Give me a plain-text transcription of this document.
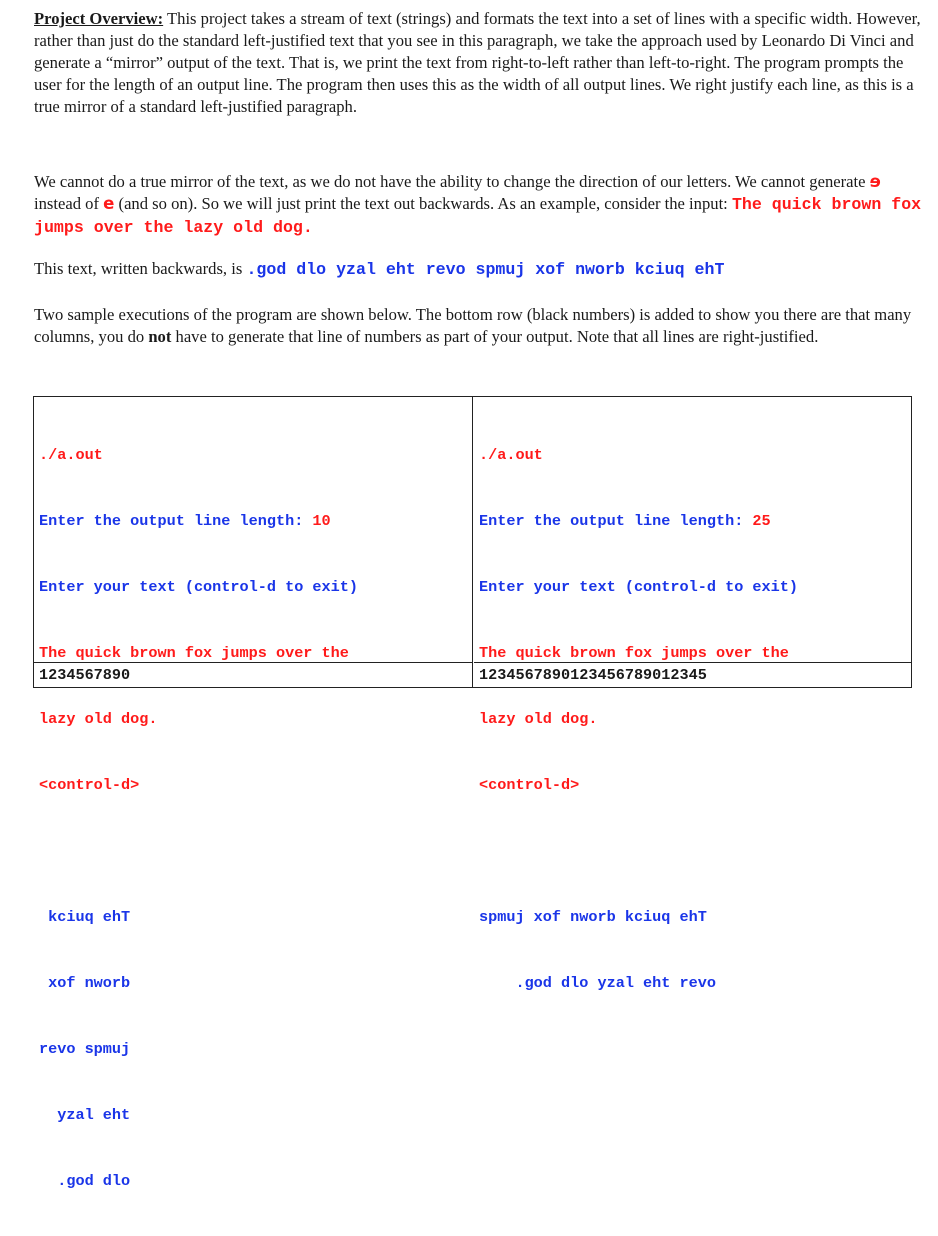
Project Overview: This project takes a stream of text (strings) and formats the text into a set of lines with a specific width. However, rather than just do the standard left-justified text that you see in this paragraph, we take the approach used by Leonardo Di Vinci and generate a “mirror” output of the text. That is, we print the text from right-to-left rather than left-to-right. The program prompts the user for the length of an output line. The program then uses this as the width of all output lines. We right justify each line, as this is a true mirror of a standard left-justified paragraph.

We cannot do a true mirror of the text, as we do not have the ability to change the direction of our letters. We cannot generate ɘ instead of e (and so on). So we will just print the text out backwards. As an example, consider the input: The quick brown fox jumps over the lazy old dog.

This text, written backwards, is .god dlo yzal eht revo spmuj xof nworb kciuq ehT

Two sample executions of the program are shown below. The bottom row (black numbers) is added to show you there are that many columns, you do not have to generate that line of numbers as part of your output. Note that all lines are right-justified.

./a.out

Enter the output line length: 10

Enter your text (control-d to exit)

The quick brown fox jumps over the

lazy old dog.

<control-d>

kciuq ehT

xof nworb

revo spmuj

yzal eht

.god dlo

1234567890

./a.out

Enter the output line length: 25

Enter your text (control-d to exit)

The quick brown fox jumps over the

lazy old dog.

<control-d>

spmuj xof nworb kciuq ehT

.god dlo yzal eht revo

1234567890123456789012345
